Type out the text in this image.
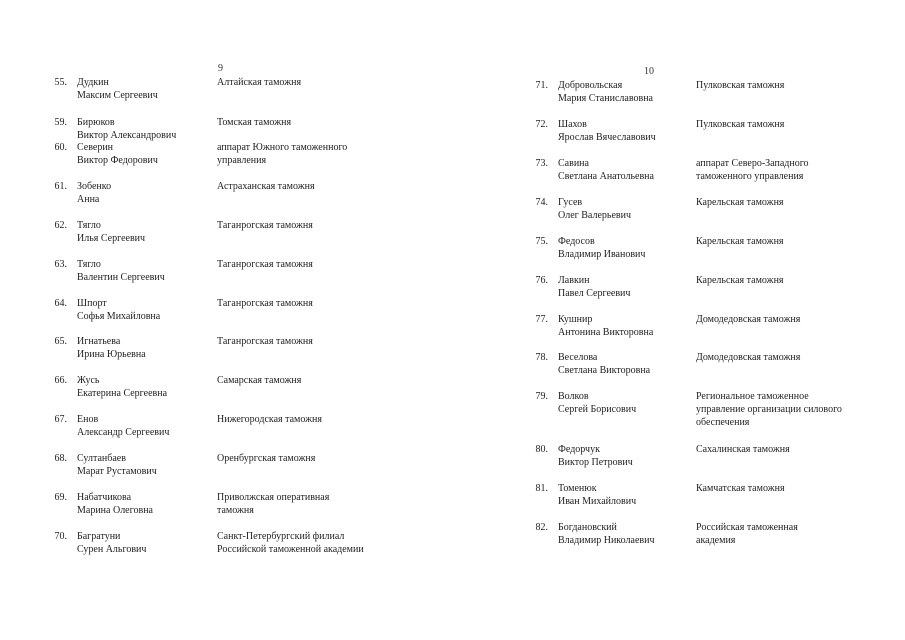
9
55. Дудкин
Максим Сергеевич
Алтайская таможня
59. Бирюков
Виктор Александрович
Томская таможня
60. Северин
Виктор Федорович
аппарат Южного таможенного
управления
61. Зобенко
Анна
Астраханская таможня
62. Тягло
Илья Сергеевич
Таганрогская таможня
63. Тягло
Валентин Сергеевич
Таганрогская таможня
64. Шпорт
Софья Михайловна
Таганрогская таможня
65. Игнатьева
Ирина Юрьевна
Таганрогская таможня
66. Жусь
Екатерина Сергеевна
Самарская таможня
67. Енов
Александр Сергеевич
Нижегородская таможня
68. Султанбаев
Марат Рустамович
Оренбургская таможня
69. Набатчикова
Марина Олеговна
Приволжская оперативная
таможня
70. Багратуни
Сурен Альгович
Санкт-Петербургский филиал
Российской таможенной академии
10
71. Добровольская
Мария Станиславовна
Пулковская таможня
72. Шахов
Ярослав Вячеславович
Пулковская таможня
73. Савина
Светлана Анатольевна
аппарат Северо-Западного
таможенного управления
74. Гусев
Олег Валерьевич
Карельская таможня
75. Федосов
Владимир Иванович
Карельская таможня
76. Лавкин
Павел Сергеевич
Карельская таможня
77. Кушнир
Антонина Викторовна
Домодедовская таможня
78. Веселова
Светлана Викторовна
Домодедовская таможня
79. Волков
Сергей Борисович
Региональное таможенное
управление организации силового
обеспечения
80. Федорчук
Виктор Петрович
Сахалинская таможня
81. Томенюк
Иван Михайлович
Камчатская таможня
82. Богдановский
Владимир Николаевич
Российская таможенная
академия
